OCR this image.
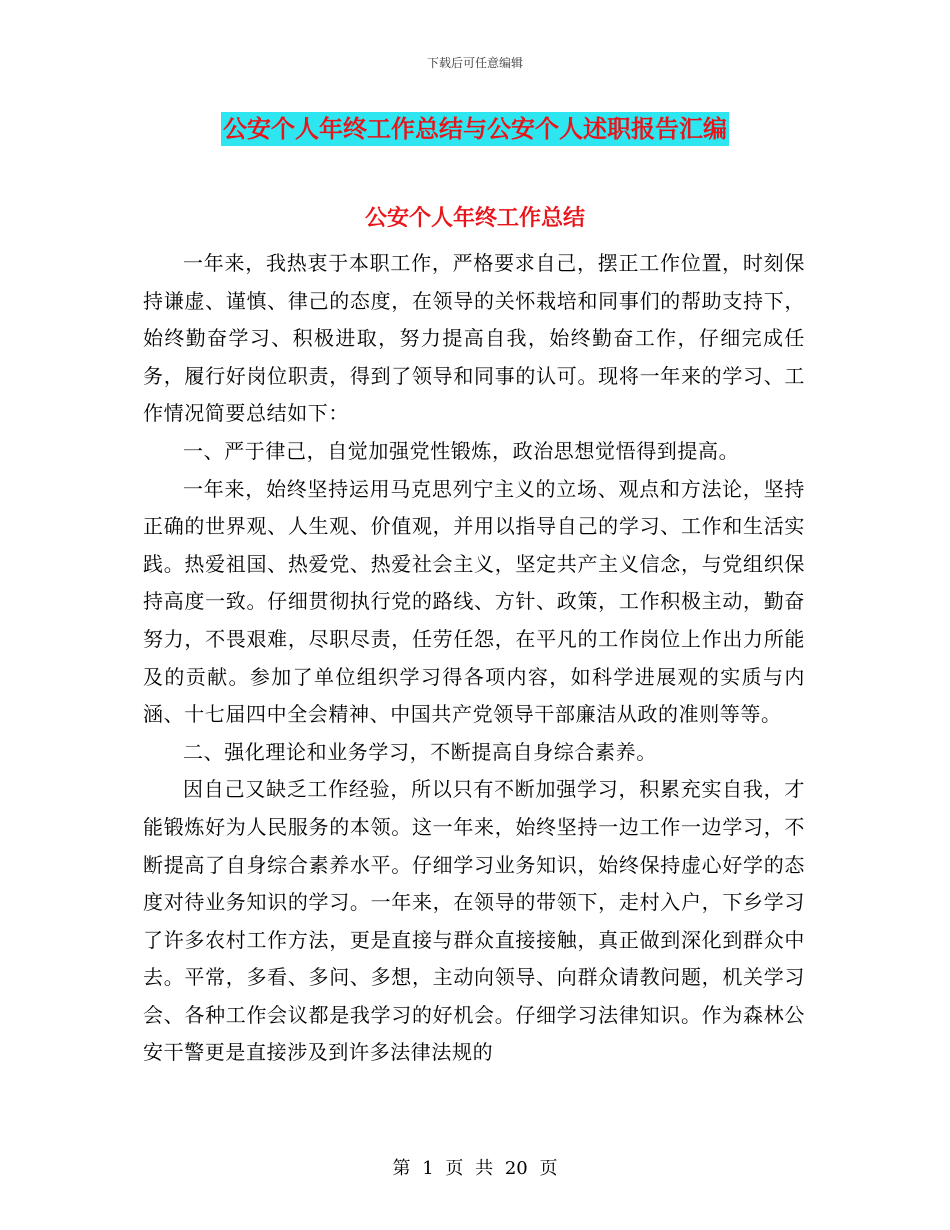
下载后可任意编辑
公安个人年终工作总结与公安个人述职报告汇编
公安个人年终工作总结

一年来，我热衷于本职工作，严格要求自己，摆正工作位置，时刻保持谦虚、谨慎、律己的态度，在领导的关怀栽培和同事们的帮助支持下，始终勤奋学习、积极进取，努力提高自我，始终勤奋工作，仔细完成任务，履行好岗位职责，得到了领导和同事的认可。现将一年来的学习、工作情况简要总结如下：

一、严于律己，自觉加强党性锻炼，政治思想觉悟得到提高。

一年来，始终坚持运用马克思列宁主义的立场、观点和方法论，坚持正确的世界观、人生观、价值观，并用以指导自己的学习、工作和生活实践。热爱祖国、热爱党、热爱社会主义，坚定共产主义信念，与党组织保持高度一致。仔细贯彻执行党的路线、方针、政策，工作积极主动，勤奋努力，不畏艰难，尽职尽责，任劳任怨，在平凡的工作岗位上作出力所能及的贡献。参加了单位组织学习得各项内容，如科学进展观的实质与内涵、十七届四中全会精神、中国共产党领导干部廉洁从政的准则等等。

二、强化理论和业务学习，不断提高自身综合素养。

因自己又缺乏工作经验，所以只有不断加强学习，积累充实自我，才能锻炼好为人民服务的本领。这一年来，始终坚持一边工作一边学习，不断提高了自身综合素养水平。仔细学习业务知识，始终保持虚心好学的态度对待业务知识的学习。一年来，在领导的带领下，走村入户，下乡学习了许多农村工作方法，更是直接与群众直接接触，真正做到深化到群众中去。平常，多看、多问、多想，主动向领导、向群众请教问题，机关学习会、各种工作会议都是我学习的好机会。仔细学习法律知识。作为森林公安干警更是直接涉及到许多法律法规的

第 1 页 共 20 页
